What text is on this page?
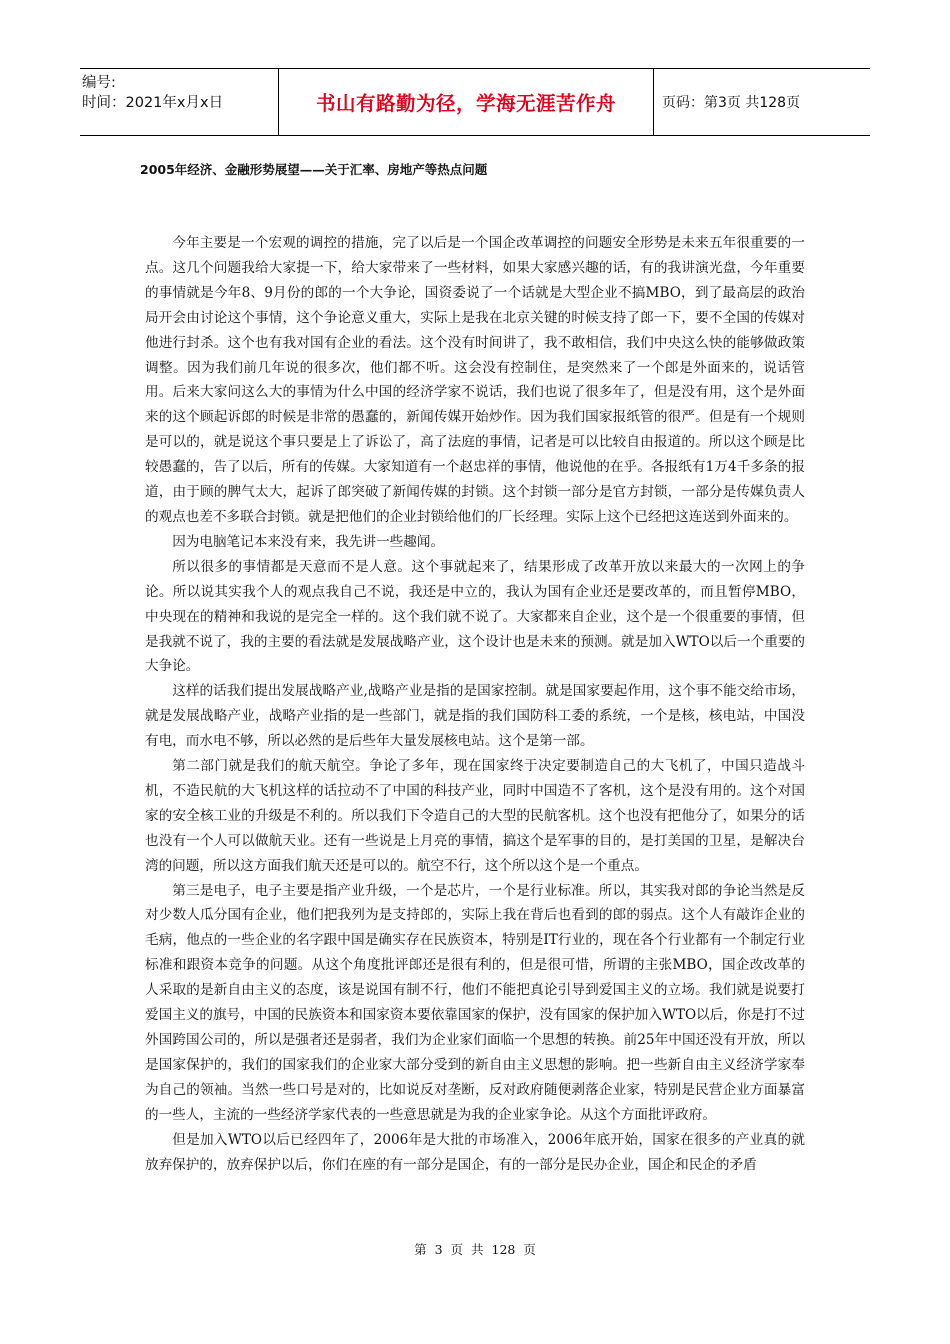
编号:
时间：2021年x月x日	书山有路勤为径，学海无涯苦作舟	页码：第3页 共128页
2005年经济、金融形势展望——关于汇率、房地产等热点问题

今年主要是一个宏观的调控的措施，完了以后是一个国企改革调控的问题安全形势是未来五年很重要的一点。这几个问题我给大家提一下，给大家带来了一些材料，如果大家感兴趣的话，有的我讲演光盘，今年重要的事情就是今年8、9月份的郎的一个大争论，国资委说了一个话就是大型企业不搞MBO，到了最高层的政治局开会由讨论这个事情，这个争论意义重大，实际上是我在北京关键的时候支持了郎一下，要不全国的传媒对他进行封杀。这个也有我对国有企业的看法。这个没有时间讲了，我不敢相信，我们中央这么快的能够做政策调整。因为我们前几年说的很多次，他们都不听。这会没有控制住，是突然来了一个郎是外面来的，说话管用。后来大家问这么大的事情为什么中国的经济学家不说话，我们也说了很多年了，但是没有用，这个是外面来的这个顾起诉郎的时候是非常的愚蠢的，新闻传媒开始炒作。因为我们国家报纸管的很严。但是有一个规则是可以的，就是说这个事只要是上了诉讼了，高了法庭的事情，记者是可以比较自由报道的。所以这个顾是比较愚蠢的，告了以后，所有的传媒。大家知道有一个赵忠祥的事情，他说他的在乎。各报纸有1万4千多条的报道，由于顾的脾气太大，起诉了郎突破了新闻传媒的封锁。这个封锁一部分是官方封锁，一部分是传媒负责人的观点也差不多联合封锁。就是把他们的企业封锁给他们的厂长经理。实际上这个已经把这连送到外面来的。

因为电脑笔记本来没有来，我先讲一些趣闻。

所以很多的事情都是天意而不是人意。这个事就起来了，结果形成了改革开放以来最大的一次网上的争论。所以说其实我个人的观点我自己不说，我还是中立的，我认为国有企业还是要改革的，而且暂停MBO，中央现在的精神和我说的是完全一样的。这个我们就不说了。大家都来自企业，这个是一个很重要的事情，但是我就不说了，我的主要的看法就是发展战略产业，这个设计也是未来的预测。就是加入WTO以后一个重要的大争论。

这样的话我们提出发展战略产业,战略产业是指的是国家控制。就是国家要起作用，这个事不能交给市场，就是发展战略产业，战略产业指的是一些部门，就是指的我们国防科工委的系统，一个是核，核电站，中国没有电，而水电不够，所以必然的是后些年大量发展核电站。这个是第一部。

第二部门就是我们的航天航空。争论了多年，现在国家终于决定要制造自己的大飞机了，中国只造战斗机，不造民航的大飞机这样的话拉动不了中国的科技产业，同时中国造不了客机，这个是没有用的。这个对国家的安全核工业的升级是不利的。所以我们下令造自己的大型的民航客机。这个也没有把他分了，如果分的话也没有一个人可以做航天业。还有一些说是上月亮的事情，搞这个是军事的目的，是打美国的卫星，是解决台湾的问题，所以这方面我们航天还是可以的。航空不行，这个所以这个是一个重点。

第三是电子，电子主要是指产业升级，一个是芯片，一个是行业标准。所以，其实我对郎的争论当然是反对少数人瓜分国有企业，他们把我列为是支持郎的，实际上我在背后也看到的郎的弱点。这个人有敲诈企业的毛病，他点的一些企业的名字跟中国是确实存在民族资本，特别是IT行业的，现在各个行业都有一个制定行业标准和跟资本竞争的问题。从这个角度批评郎还是很有利的，但是很可惜，所谓的主张MBO，国企改改革的人采取的是新自由主义的态度，该是说国有制不行，他们不能把真论引导到爱国主义的立场。我们就是说要打爱国主义的旗号，中国的民族资本和国家资本要依靠国家的保护，没有国家的保护加入WTO以后，你是打不过外国跨国公司的，所以是强者还是弱者，我们为企业家们面临一个思想的转换。前25年中国还没有开放，所以是国家保护的，我们的国家我们的企业家大部分受到的新自由主义思想的影响。把一些新自由主义经济学家奉为自己的领袖。当然一些口号是对的，比如说反对垄断，反对政府随便剥落企业家，特别是民营企业方面暴富的一些人，主流的一些经济学家代表的一些意思就是为我的企业家争论。从这个方面批评政府。

但是加入WTO以后已经四年了，2006年是大批的市场准入，2006年底开始，国家在很多的产业真的就放弃保护的，放弃保护以后，你们在座的有一部分是国企，有的一部分是民办企业，国企和民企的矛盾

第 3 页 共 128 页
